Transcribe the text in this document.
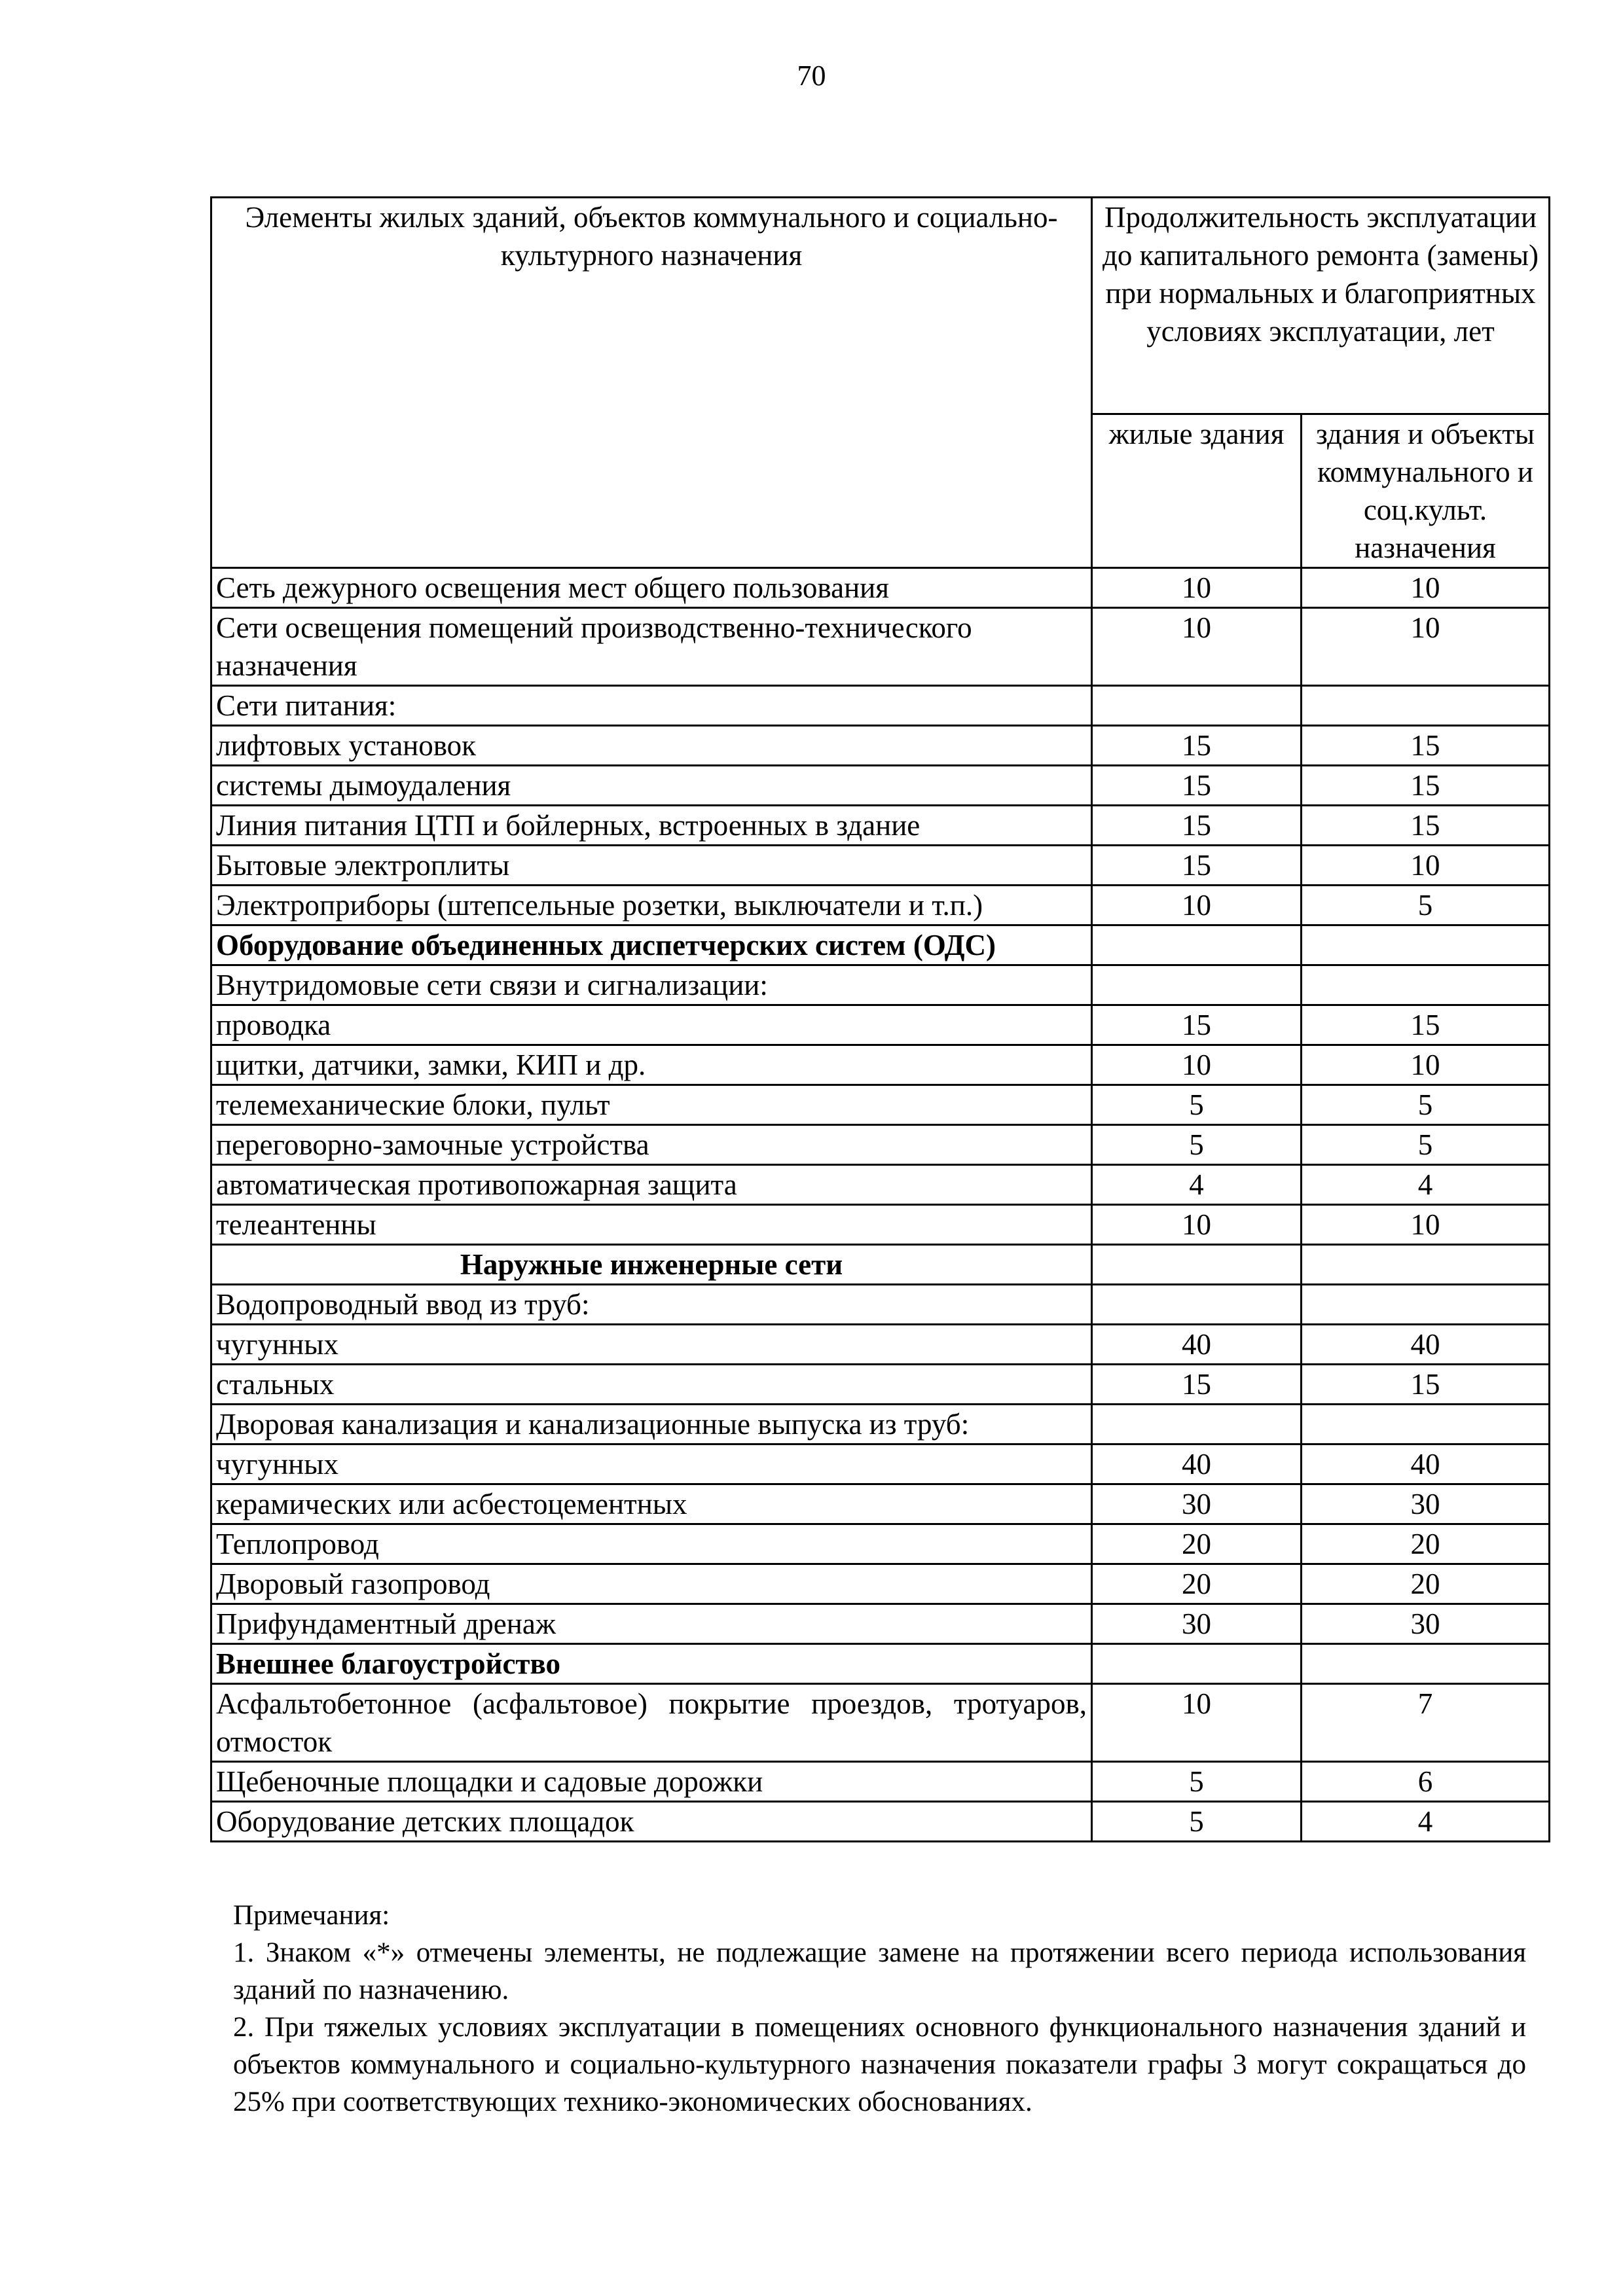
70
Элементы жилых зданий, объектов коммунального и социально-культурного назначения	Продолжительность эксплуатации до капитального ремонта (замены) при нормальных и благоприятных условиях эксплуатации, лет	
	жилые здания	здания и объекты коммунального и соц.культ. назначения
Сеть дежурного освещения мест общего пользования	10	10
Сети освещения помещений производственно-технического назначения	10	10
Сети питания:		
лифтовых установок	15	15
системы дымоудаления	15	15
Линия питания ЦТП и бойлерных, встроенных в здание	15	15
Бытовые электроплиты	15	10
Электроприборы (штепсельные розетки, выключатели и т.п.)	10	5
Оборудование объединенных диспетчерских систем (ОДС)		
Внутридомовые сети связи и сигнализации:		
проводка	15	15
щитки, датчики, замки, КИП и др.	10	10
телемеханические блоки, пульт	5	5
переговорно-замочные устройства	5	5
автоматическая противопожарная защита	4	4
телеантенны	10	10
Наружные инженерные сети		
Водопроводный ввод из труб:		
чугунных	40	40
стальных	15	15
Дворовая канализация и канализационные выпуска из труб:		
чугунных	40	40
керамических или асбестоцементных	30	30
Теплопровод	20	20
Дворовый газопровод	20	20
Прифундаментный дренаж	30	30
Внешнее благоустройство		
Асфальтобетонное (асфальтовое) покрытие проездов, тротуаров, отмосток	10	7
Щебеночные площадки и садовые дорожки	5	6
Оборудование детских площадок	5	4

Примечания:

1. Знаком «*» отмечены элементы, не подлежащие замене на протяжении всего периода использования зданий по назначению.

2. При тяжелых условиях эксплуатации в помещениях основного функционального назначения зданий и объектов коммунального и социально-культурного назначения показатели графы 3 могут сокращаться до 25% при соответствующих технико-экономических обоснованиях.
